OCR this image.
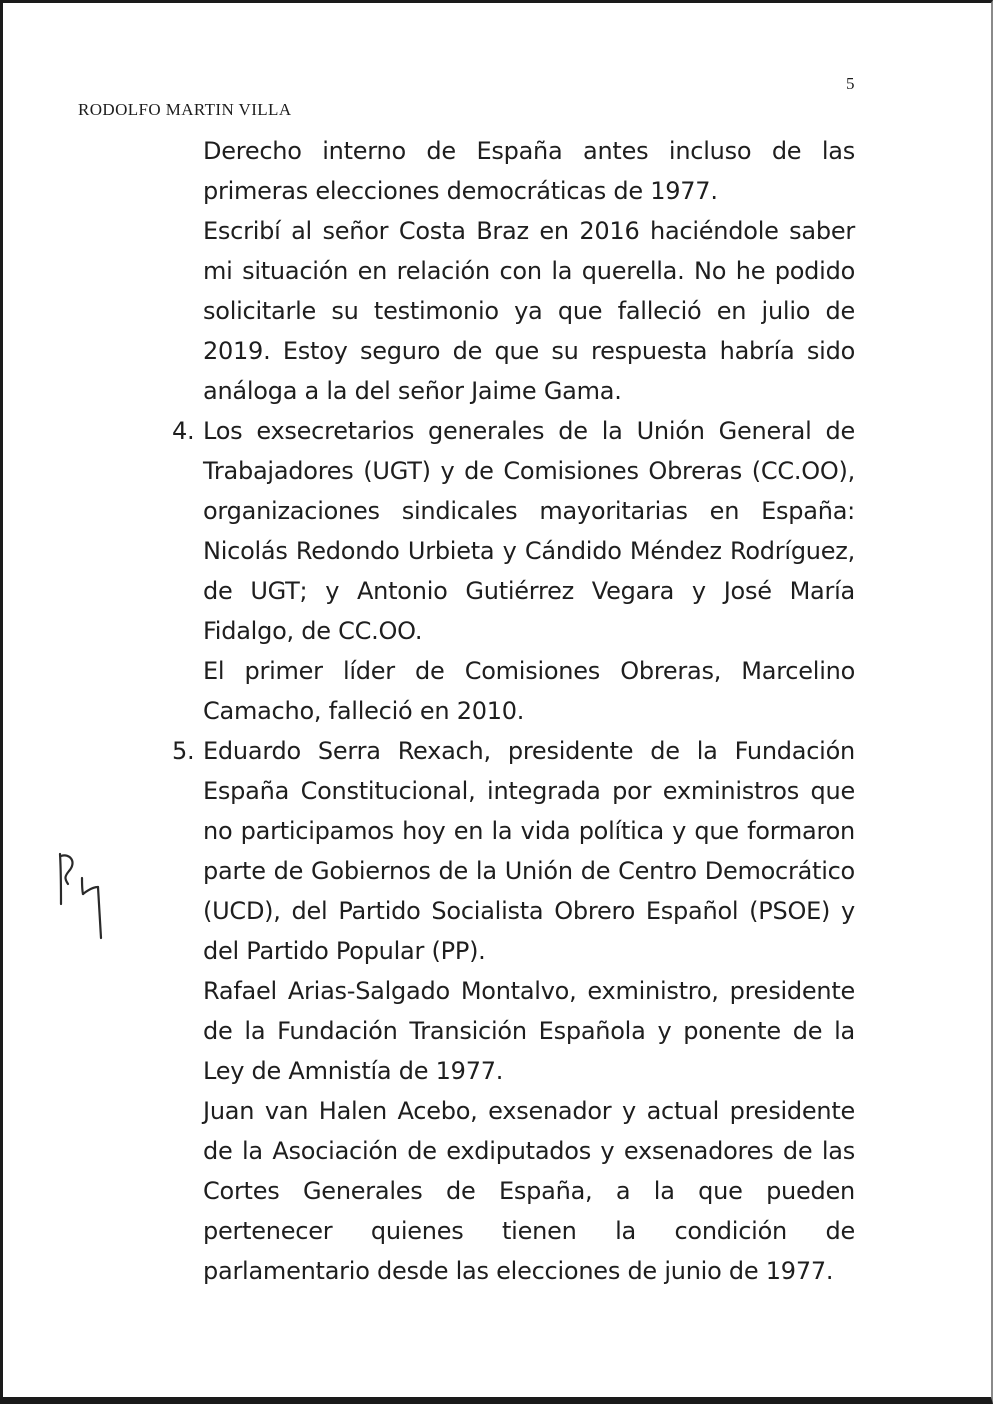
5
RODOLFO MARTIN VILLA

Derecho interno de España antes incluso de las primeras elecciones democráticas de 1977.

Escribí al señor Costa Braz en 2016 haciéndole saber mi situación en relación con la querella. No he podido solicitarle su testimonio ya que falleció en julio de 2019. Estoy seguro de que su respuesta habría sido análoga a la del señor Jaime Gama.

4. Los exsecretarios generales de la Unión General de Trabajadores (UGT) y de Comisiones Obreras (CC.OO), organizaciones sindicales mayoritarias en España: Nicolás Redondo Urbieta y Cándido Méndez Rodríguez, de UGT; y Antonio Gutiérrez Vegara y José María Fidalgo, de CC.OO.

El primer líder de Comisiones Obreras, Marcelino Camacho, falleció en 2010.

5. Eduardo Serra Rexach, presidente de la Fundación España Constitucional, integrada por exministros que no participamos hoy en la vida política y que formaron parte de Gobiernos de la Unión de Centro Democrático (UCD), del Partido Socialista Obrero Español (PSOE) y del Partido Popular (PP).

Rafael Arias-Salgado Montalvo, exministro, presidente de la Fundación Transición Española y ponente de la Ley de Amnistía de 1977.

Juan van Halen Acebo, exsenador y actual presidente de la Asociación de exdiputados y exsenadores de las Cortes Generales de España, a la que pueden pertenecer quienes tienen la condición de parlamentario desde las elecciones de junio de 1977.
